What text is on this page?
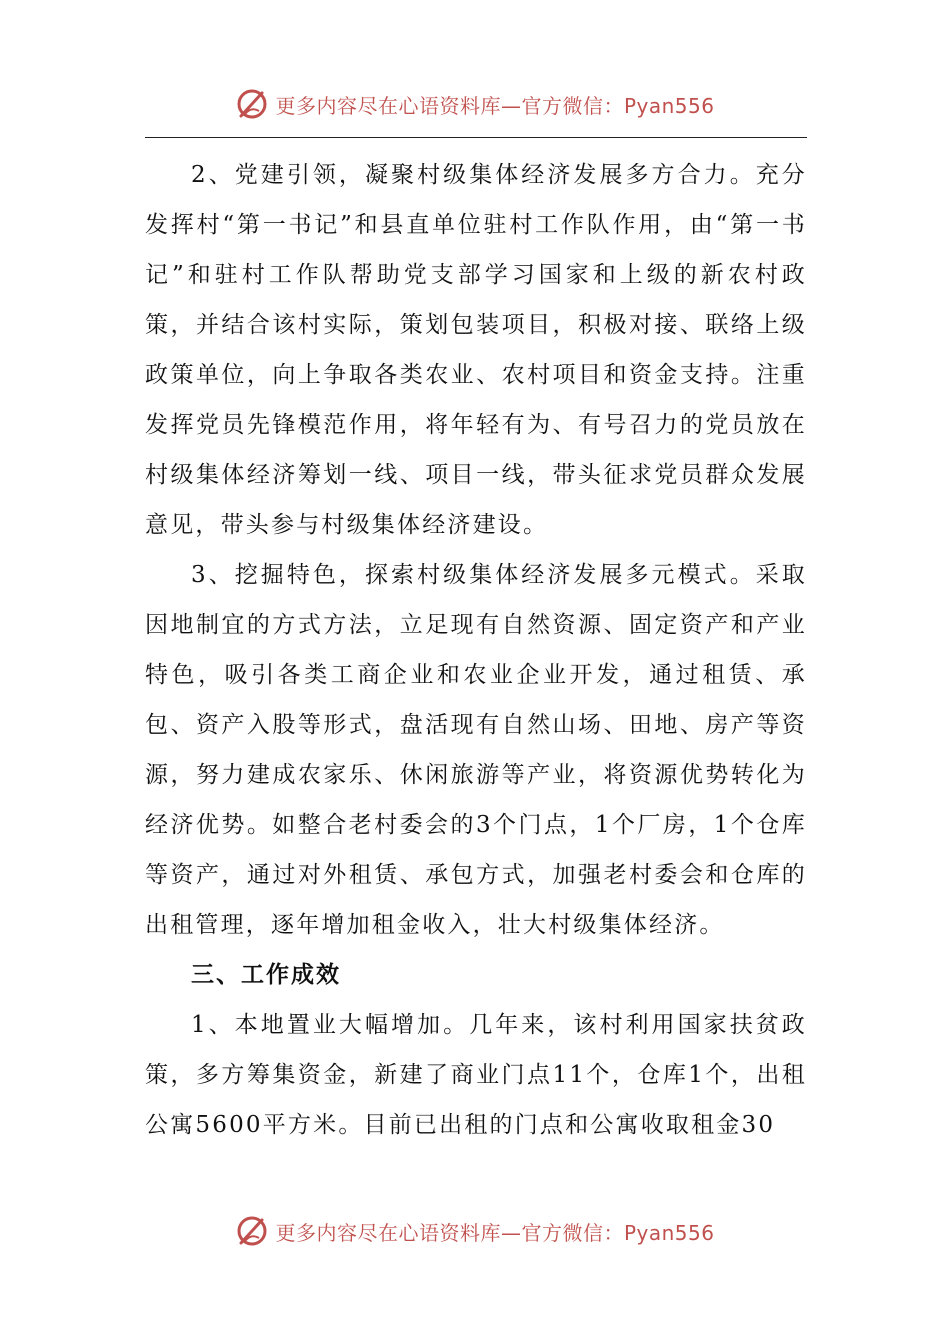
更多内容尽在心语资料库—官方微信：Pyan556

2、党建引领，凝聚村级集体经济发展多方合力。充分发挥村“第一书记”和县直单位驻村工作队作用，由“第一书记”和驻村工作队帮助党支部学习国家和上级的新农村政策，并结合该村实际，策划包装项目，积极对接、联络上级政策单位，向上争取各类农业、农村项目和资金支持。注重发挥党员先锋模范作用，将年轻有为、有号召力的党员放在村级集体经济筹划一线、项目一线，带头征求党员群众发展意见，带头参与村级集体经济建设。

3、挖掘特色，探索村级集体经济发展多元模式。采取因地制宜的方式方法，立足现有自然资源、固定资产和产业特色，吸引各类工商企业和农业企业开发，通过租赁、承包、资产入股等形式，盘活现有自然山场、田地、房产等资源，努力建成农家乐、休闲旅游等产业，将资源优势转化为经济优势。如整合老村委会的3个门点，1个厂房，1个仓库等资产，通过对外租赁、承包方式，加强老村委会和仓库的出租管理，逐年增加租金收入，壮大村级集体经济。

三、工作成效

1、本地置业大幅增加。几年来，该村利用国家扶贫政策，多方筹集资金，新建了商业门点11个，仓库1个，出租公寓5600平方米。目前已出租的门点和公寓收取租金30

更多内容尽在心语资料库—官方微信：Pyan556
